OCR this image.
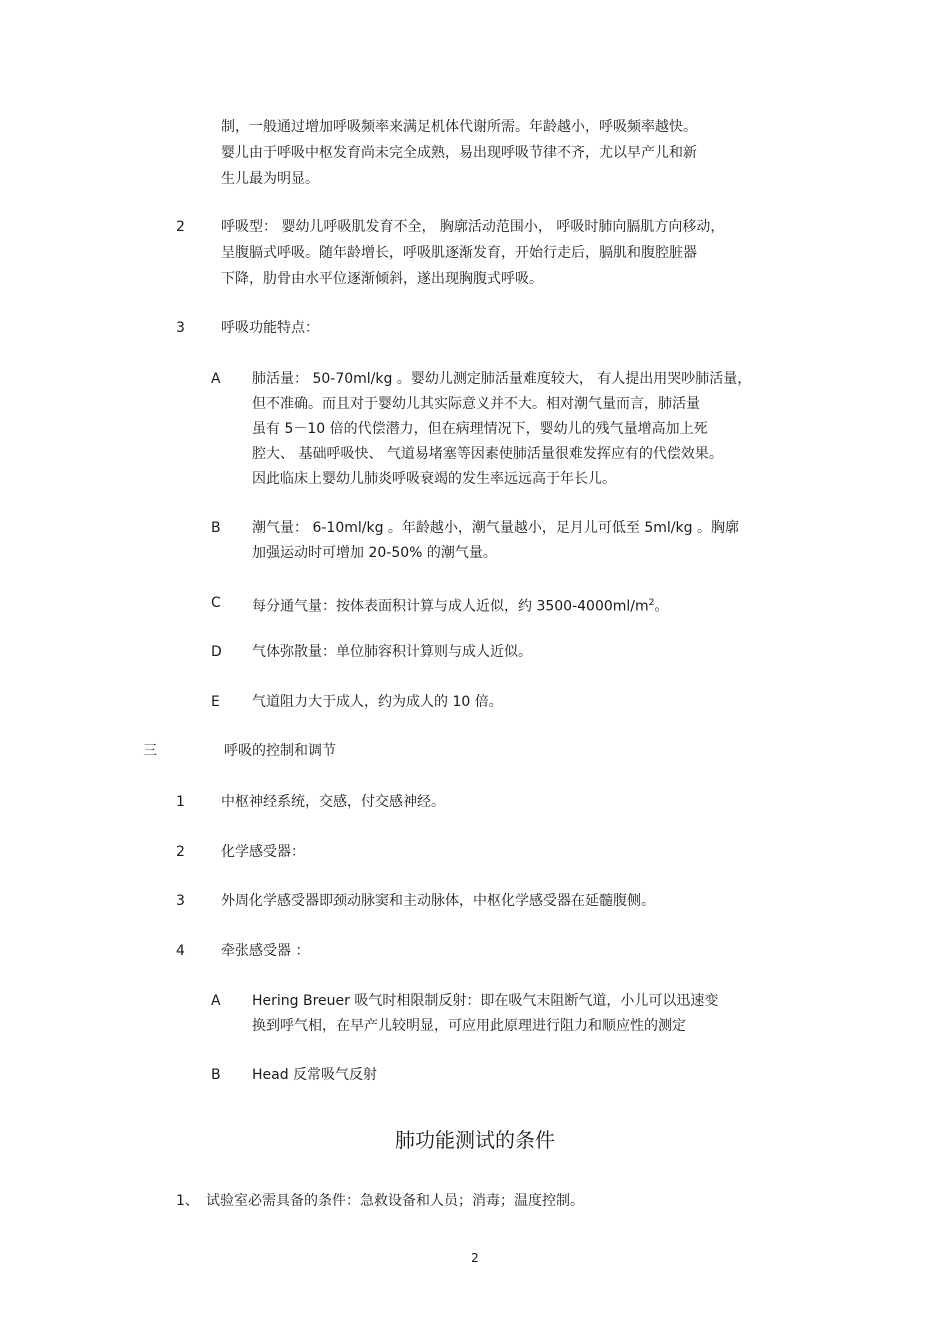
制，一般通过增加呼吸频率来满足机体代谢所需。年龄越小，呼吸频率越快。
婴儿由于呼吸中枢发育尚未完全成熟，易出现呼吸节律不齐，尤以早产儿和新
生儿最为明显。
2	呼吸型： 婴幼儿呼吸肌发育不全， 胸廓活动范围小， 呼吸时肺向膈肌方向移动，
呈腹膈式呼吸。随年龄增长，呼吸肌逐渐发育，开始行走后，膈肌和腹腔脏器
下降，肋骨由水平位逐渐倾斜，遂出现胸腹式呼吸。
3	呼吸功能特点：
A 肺活量： 50-70ml/kg 。婴幼儿测定肺活量难度较大， 有人提出用哭吵肺活量，
但不准确。而且对于婴幼儿其实际意义并不大。相对潮气量而言，肺活量
虽有 5－10 倍的代偿潜力，但在病理情况下，婴幼儿的残气量增高加上死
腔大、 基础呼吸快、 气道易堵塞等因素使肺活量很难发挥应有的代偿效果。
因此临床上婴幼儿肺炎呼吸衰竭的发生率远远高于年长儿。
B 潮气量： 6-10ml/kg 。年龄越小，潮气量越小，足月儿可低至 5ml/kg 。胸廓
加强运动时可增加 20-50% 的潮气量。
C 每分通气量：按体表面积计算与成人近似，约 $3500-4000ml/m^2$。
D 气体弥散量：单位肺容积计算则与成人近似。
E 气道阻力大于成人，约为成人的 10 倍。
三	呼吸的控制和调节
1	中枢神经系统，交感，付交感神经。
2	化学感受器：
3	外周化学感受器即颈动脉窦和主动脉体，中枢化学感受器在延髓腹侧。
4	牵张感受器 ：
A Hering Breuer 吸气时相限制反射：即在吸气末阻断气道，小儿可以迅速变
换到呼气相，在早产儿较明显，可应用此原理进行阻力和顺应性的测定
B Head 反常吸气反射
肺功能测试的条件
1、 试验室必需具备的条件：急救设备和人员；消毒；温度控制。
2
